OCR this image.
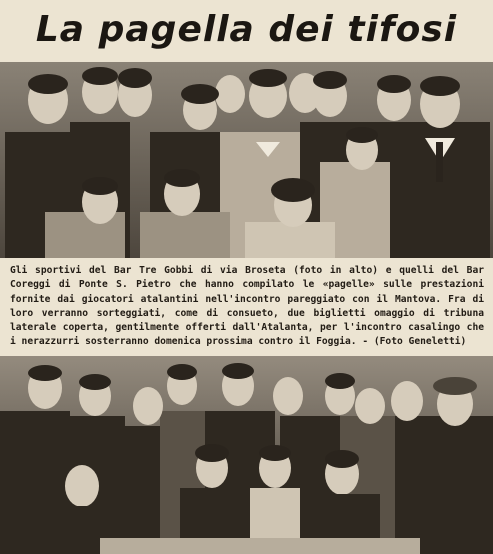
La pagella dei tifosi
Gli sportivi del Bar Tre Gobbi di via Broseta (foto in alto) e quelli del Bar Coreggi di Ponte S. Pietro che hanno compilato le «pagelle» sulle prestazioni fornite dai giocatori atalantini nell'incontro pareggiato con il Mantova. Fra di loro verranno sorteggiati, come di consueto, due biglietti omaggio di tribuna laterale coperta, gentilmente offerti dall'Atalanta, per l'incontro casalingo che i nerazzurri sosterranno domenica prossima contro il Foggia. - (Foto Geneletti)
